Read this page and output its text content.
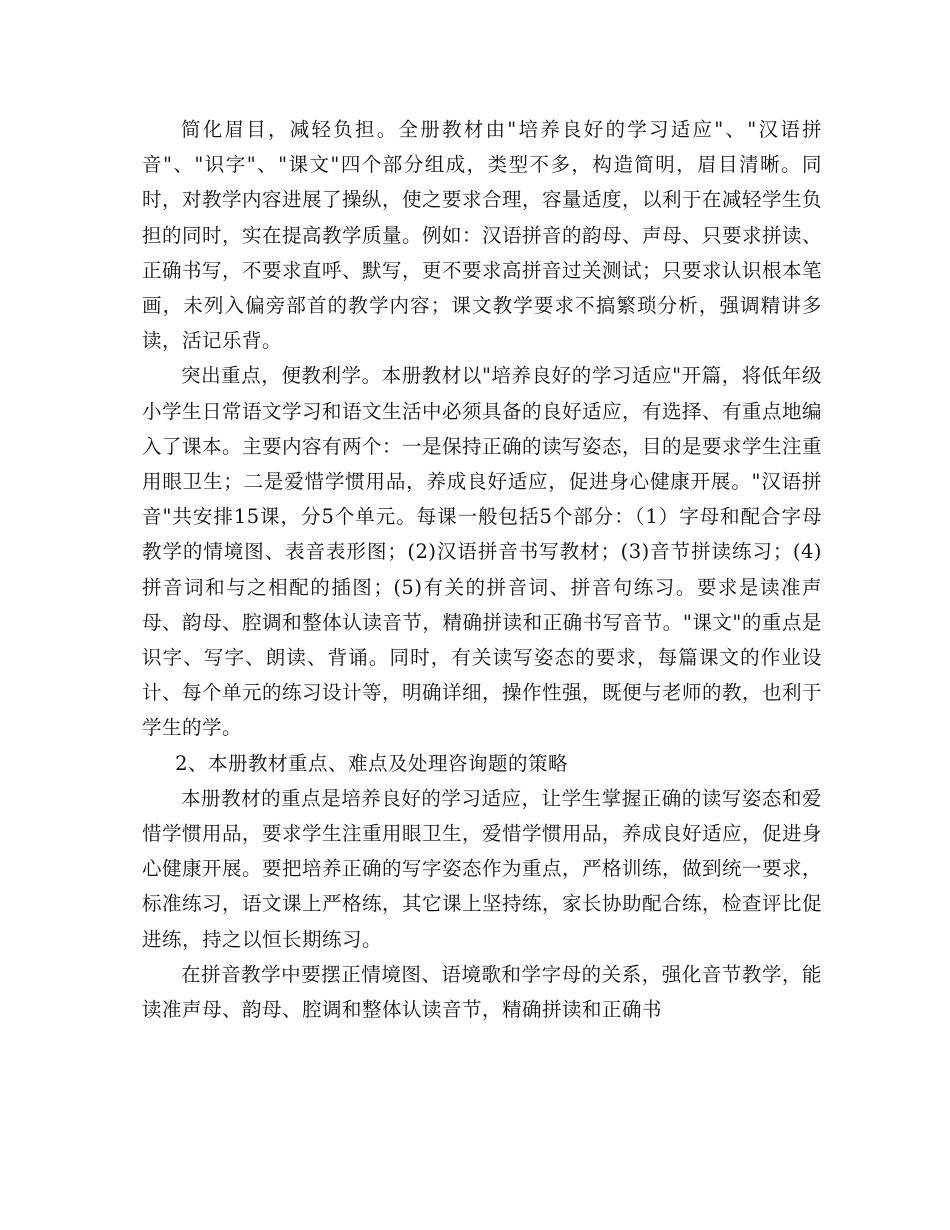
简化眉目，减轻负担。全册教材由"培养良好的学习适应"、"汉语拼音"、"识字"、"课文"四个部分组成，类型不多，构造简明，眉目清晰。同时，对教学内容进展了操纵，使之要求合理，容量适度，以利于在减轻学生负担的同时，实在提高教学质量。例如：汉语拼音的韵母、声母、只要求拼读、正确书写，不要求直呼、默写，更不要求高拼音过关测试；只要求认识根本笔画，未列入偏旁部首的教学内容；课文教学要求不搞繁琐分析，强调精讲多读，活记乐背。

突出重点，便教利学。本册教材以"培养良好的学习适应"开篇，将低年级小学生日常语文学习和语文生活中必须具备的良好适应，有选择、有重点地编入了课本。主要内容有两个：一是保持正确的读写姿态，目的是要求学生注重用眼卫生；二是爱惜学惯用品，养成良好适应，促进身心健康开展。"汉语拼音"共安排15课，分5个单元。每课一般包括5个部分：（1）字母和配合字母教学的情境图、表音表形图；(2)汉语拼音书写教材；(3)音节拼读练习；(4)拼音词和与之相配的插图；(5)有关的拼音词、拼音句练习。要求是读准声母、韵母、腔调和整体认读音节，精确拼读和正确书写音节。"课文"的重点是识字、写字、朗读、背诵。同时，有关读写姿态的要求，每篇课文的作业设计、每个单元的练习设计等，明确详细，操作性强，既便与老师的教，也利于学生的学。

2、本册教材重点、难点及处理咨询题的策略

本册教材的重点是培养良好的学习适应，让学生掌握正确的读写姿态和爱惜学惯用品，要求学生注重用眼卫生，爱惜学惯用品，养成良好适应，促进身心健康开展。要把培养正确的写字姿态作为重点，严格训练，做到统一要求，标准练习，语文课上严格练，其它课上坚持练，家长协助配合练，检查评比促进练，持之以恒长期练习。

在拼音教学中要摆正情境图、语境歌和学字母的关系，强化音节教学，能读准声母、韵母、腔调和整体认读音节，精确拼读和正确书
